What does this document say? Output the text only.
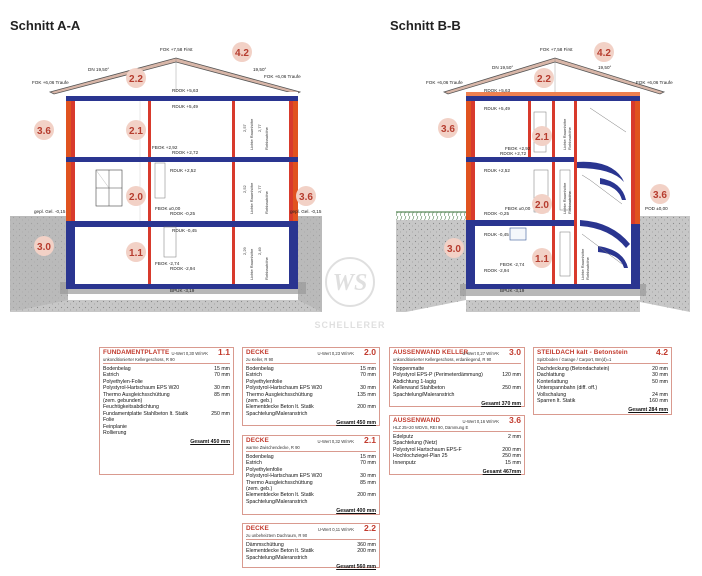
Schnitt A-A
FOK +7,58 First
FOK +6,06 Traufe
FOK +6,06 Traufe
DN 19,50°	19,50°
RDOK +5,63
RDUK +5,49
FBOK +2,92
RDOK +2,72
RDUK +2,52
FBOK ±0,00
RDOK -0,25
RDUK -0,45
FBOK -2,74
RDOK -2,94
BPUK -3,19
gepl. Gel. -0,15	gepl. Gel. -0,15
Lichte Raumhöhe	Rohbauhöhe
2,57	2,77
Lichte Raumhöhe	Rohbauhöhe
2,52	2,77
Lichte Raumhöhe	Rohbauhöhe
2,29	2,49
4.2
2.2
3.6	2.1
2.0	3.6
3.0
1.1
Schnitt B-B
FOK +7,58 First
FOK +6,06 Traufe	FOK +6,06 Traufe
DN 19,50°	19,50°
RDOK +5,63
RDUK +5,49
FBOK +2,92
RDOK +2,72
RDUK +2,52
FBOK ±0,00
RDOK -0,25
RDUK -0,45
FBOK -2,74
RDOK -2,94
BPUK -3,19
POD ±0,00
Lichte Raumhöhe Rohbauhöhe
Lichte Raumhöhe Rohbauhöhe
Lichte Raumhöhe Rohbauhöhe
4.2
2.2
3.6
2.1
2.0
3.6
3.0
1.1
WS
SCHELLERER
FUNDAMENTPLATTE
unkonditionierter Kellergeschoss, R 90
U-Wert 0,30 W/m²K 1.1
Bodenbelag	15 mm
Estrich	70 mm
Polyethylen-Folie
Polystyrol-Hartschaum EPS W20	30 mm
Thermo Ausgleichsschüttung	85 mm
(zem. gebunden)
Feuchtigkeitsabdichtung
Fundamentplatte Stahlbeton lt. Statik	250 mm
Folie
Feinplanie
Rollierung
Gesamt 450 mm
DECKE
zu Keller, R 90
U-Wert 0,23 W/m²K 2.0
Bodenbelag	15 mm
Estrich	70 mm
Polyethylenfolie
Polystyrol-Hartschaum EPS W20	30 mm
Thermo Ausgleichsschüttung	135 mm
(zem. geb.)
Elementdecke Beton lt. Statik	200 mm
Spachtelung/Maleranstrich
Gesamt 450 mm
DECKE
warme Zwischendecke, R 90
U-Wert 0,32 W/m²K 2.1
Bodenbelag	15 mm
Estrich	70 mm
Polyethylenfolie
Polystyrol-Hartschaum EPS W20	30 mm
Thermo Ausgleichsschüttung	85 mm
(zem. geb.)
Elementdecke Beton lt. Statik	200 mm
Spachtelung/Maleranstrich
Gesamt 400 mm
DECKE
zu unbeheiztem Dachraum, R 90
U-Wert 0,11 W/m²K 2.2
Dämmschüttung	360 mm
Elementdecke Beton lt. Statik	200 mm
Spachtelung/Maleranstrich
Gesamt 560 mm
AUSSENWAND KELLER
unkonditionierter Kellergeschoss, erdanliegend, R 90
U-Wert 0,27 W/m²K 3.0
Noppenmatte
Polystyrol EPS-P (Perimeterdämmung)	120 mm
Abdichtung 1-lagig
Kellerwand Stahlbeton	250 mm
Spachtelung/Maleranstrich
Gesamt 370 mm
AUSSENWAND
HLZ 25+20 WDVS, REI 90, Dämmung E
U-Wert 0,16 W/m²K 3.6
Edelputz	2 mm
Spachtelung (Netz)
Polystyrol Hartschaum EPS-F	200 mm
Hochlochziegel-Plan 25	250 mm
Innenputz	15 mm
Gesamt 467mm
STEILDACH kalt - Betonstein
Spitzboden / Garage / Carport, Bm(d)=1
4.2
Dachdeckung (Betondachstein)	20 mm
Dachlattung	30 mm
Konterlattung	50 mm
Unterspannbahn (diff. off.)
Vollschalung	24 mm
Sparren lt. Statik	160 mm
Gesamt 284 mm
